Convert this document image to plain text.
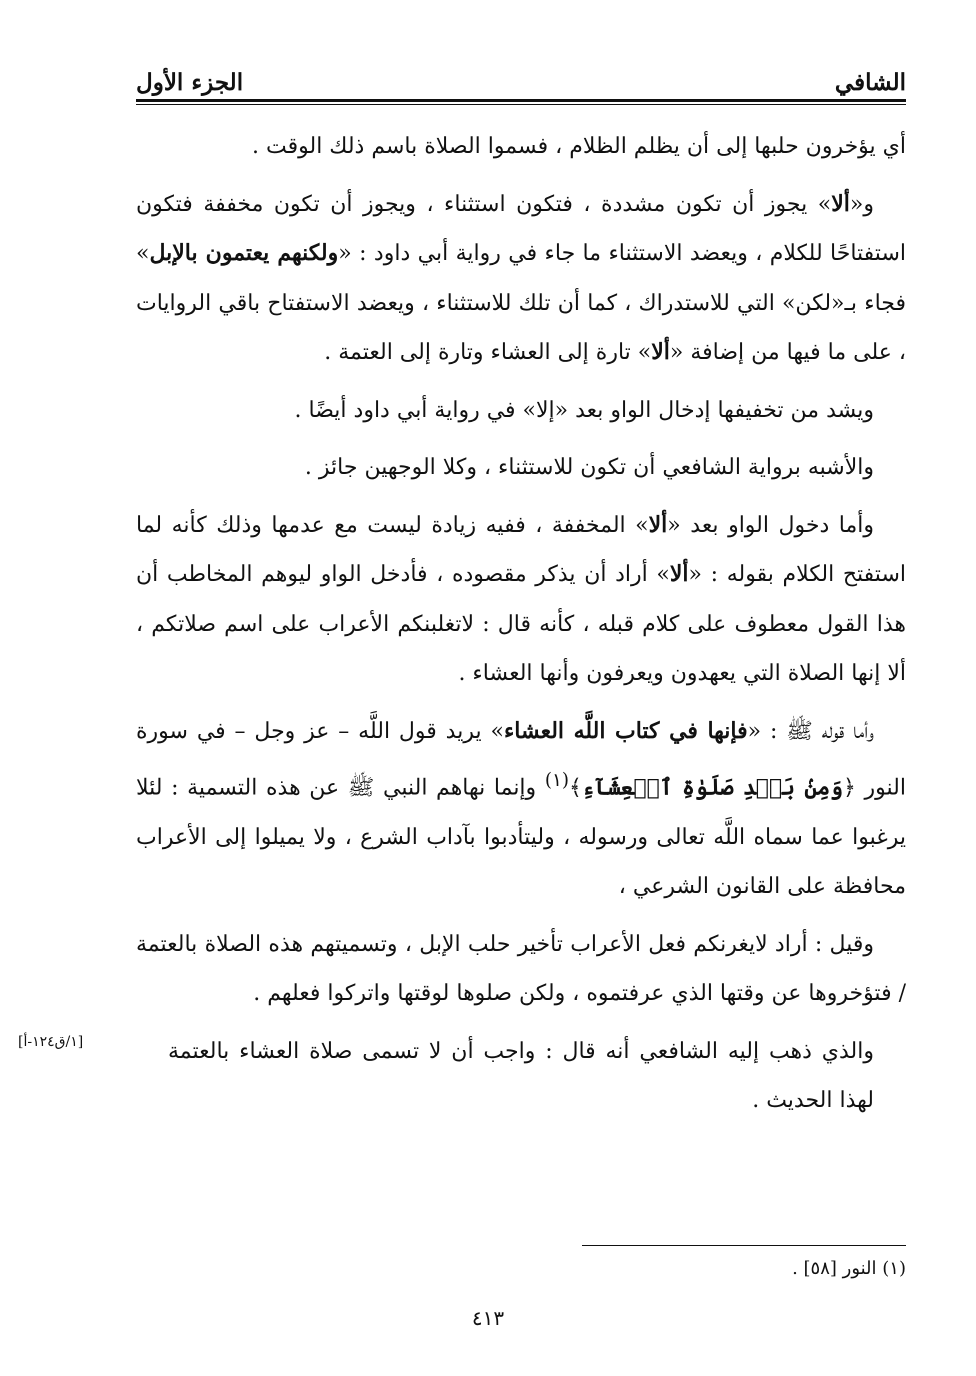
الشافي
الجزء الأول

أي يؤخرون حلبها إلى أن يظلم الظلام ، فسموا الصلاة باسم ذلك الوقت .

و«ألا» يجوز أن تكون مشددة ، فتكون استثناء ، ويجوز أن تكون مخففة فتكون استفتاحًا للكلام ، ويعضد الاستثناء ما جاء في رواية أبي داود : «ولكنهم يعتمون بالإبل» فجاء بـ«لكن» التي للاستدراك ، كما أن تلك للاستثناء ، ويعضد الاستفتاح باقي الروايات ، على ما فيها من إضافة «ألا» تارة إلى العشاء وتارة إلى العتمة .

ويشد من تخفيفها إدخال الواو بعد «إلا» في رواية أبي داود أيضًا .

والأشبه برواية الشافعي أن تكون للاستثناء ، وكلا الوجهين جائز .

وأما دخول الواو بعد «ألا» المخففة ، ففيه زيادة ليست مع عدمها وذلك كأنه لما استفتح الكلام بقوله : «ألا» أراد أن يذكر مقصوده ، فأدخل الواو ليوهم المخاطب أن هذا القول معطوف على كلام قبله ، كأنه قال : لاتغلبنكم الأعراب على اسم صلاتكم ، ألا إنها الصلاة التي يعهدون ويعرفون وأنها العشاء .

وأما قوله ﷺ : «فإنها في كتاب اللَّه العشاء» يريد قول اللَّه – عز وجل – في سورة النور ﴿وَمِنۢ بَعۡدِ صَلَوٰةِ ٱلۡعِشَآءِ﴾$^{(١)}$ وإنما نهاهم النبي ﷺ عن هذه التسمية : لئلا يرغبوا عما سماه اللَّه تعالى ورسوله ، وليتأدبوا بآداب الشرع ، ولا يميلوا إلى الأعراب محافظة على القانون الشرعي ،

وقيل : أراد لايغرنكم فعل الأعراب تأخير حلب الإبل ، وتسميتهم هذه الصلاة بالعتمة / فتؤخروها عن وقتها الذي عرفتموه ، ولكن صلوها لوقتها واتركوا فعلهم .

والذي ذهب إليه الشافعي أنه قال : واجب أن لا تسمى صلاة العشاء بالعتمة لهذا الحديث .

[١/ق١٢٤-أ]
(١) النور [٥٨] .
٤١٣
